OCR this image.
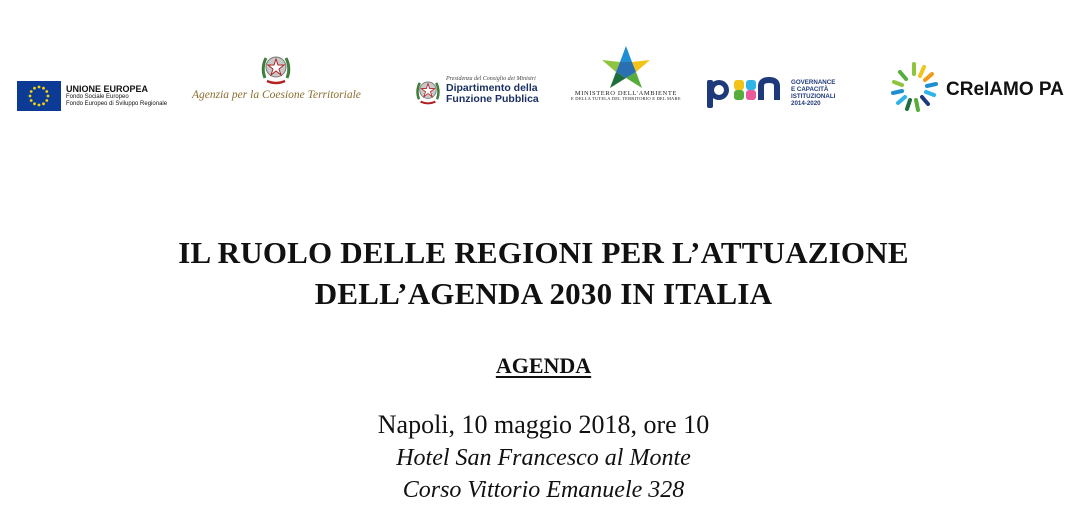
UNIONE EUROPEA
Fondo Sociale Europeo
Fondo Europeo di Sviluppo Regionale
Agenzia per la Coesione Territoriale
Presidenza del Consiglio dei Ministri
Dipartimento della
Funzione Pubblica	MINISTERO DELL'AMBIENTE
E DELLA TUTELA DEL TERRITORIO E DEL MARE
GOVERNANCE
E CAPACITÀ
ISTITUZIONALI
2014-2020
CReIAMO PA
IL RUOLO DELLE REGIONI PER L’ATTUAZIONE
DELL’AGENDA 2030 IN ITALIA
AGENDA
Napoli, 10 maggio 2018, ore 10
Hotel San Francesco al Monte
Corso Vittorio Emanuele 328
